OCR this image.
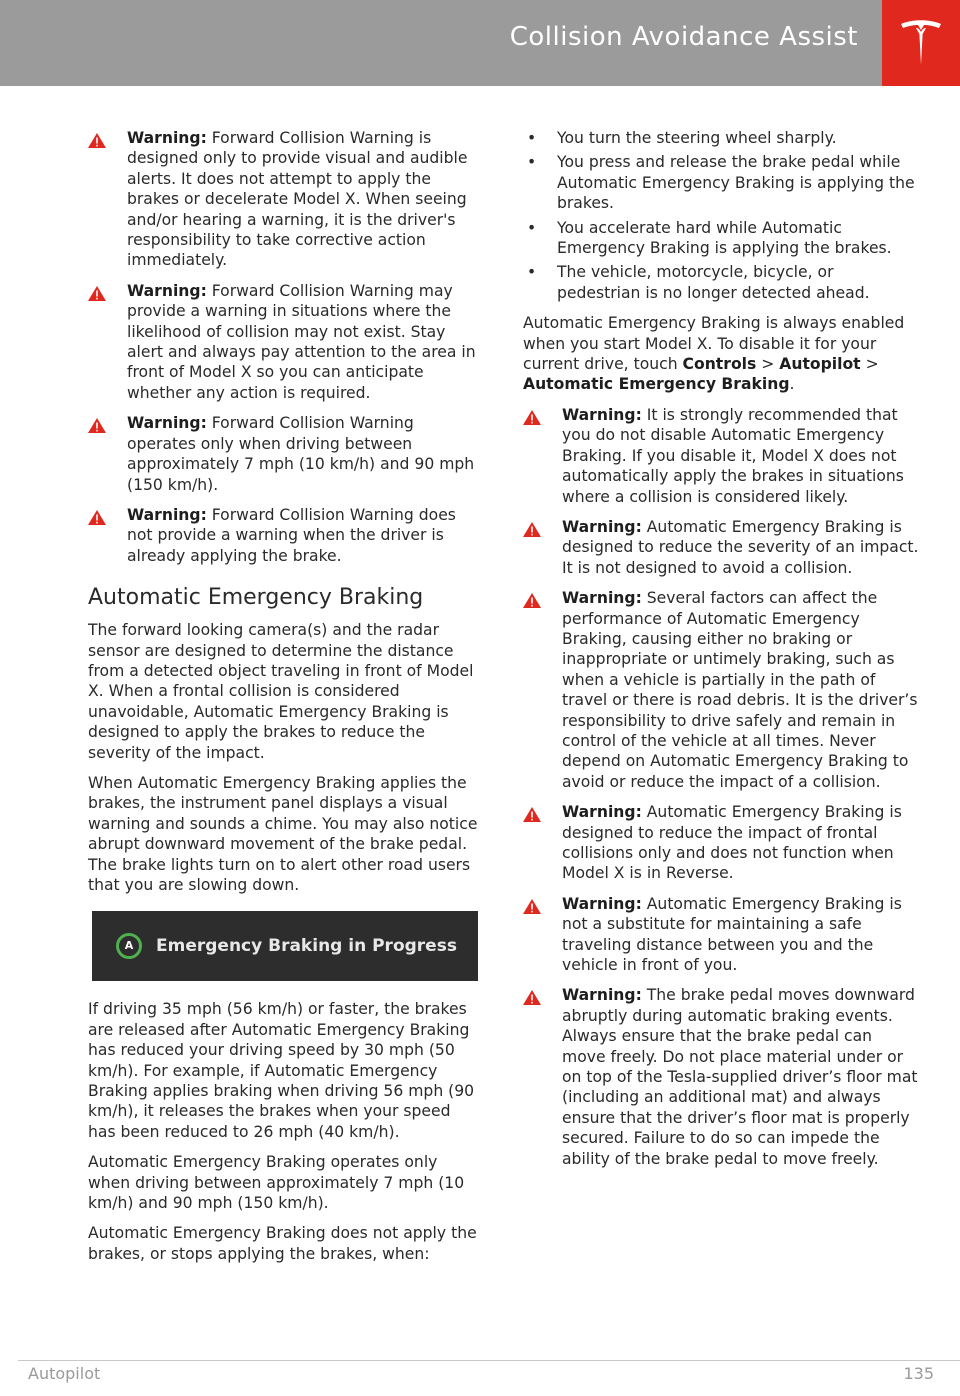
Collision Avoidance Assist
Warning: Forward Collision Warning is designed only to provide visual and audible alerts. It does not attempt to apply the brakes or decelerate Model X. When seeing and/or hearing a warning, it is the driver's responsibility to take corrective action immediately.
Warning: Forward Collision Warning may provide a warning in situations where the likelihood of collision may not exist. Stay alert and always pay attention to the area in front of Model X so you can anticipate whether any action is required.
Warning: Forward Collision Warning operates only when driving between approximately 7 mph (10 km/h) and 90 mph (150 km/h).
Warning: Forward Collision Warning does not provide a warning when the driver is already applying the brake.
Automatic Emergency Braking

The forward looking camera(s) and the radar sensor are designed to determine the distance from a detected object traveling in front of Model X. When a frontal collision is considered unavoidable, Automatic Emergency Braking is designed to apply the brakes to reduce the severity of the impact.

When Automatic Emergency Braking applies the brakes, the instrument panel displays a visual warning and sounds a chime. You may also notice abrupt downward movement of the brake pedal. The brake lights turn on to alert other road users that you are slowing down.

A Emergency Braking in Progress

If driving 35 mph (56 km/h) or faster, the brakes are released after Automatic Emergency Braking has reduced your driving speed by 30 mph (50 km/h). For example, if Automatic Emergency Braking applies braking when driving 56 mph (90 km/h), it releases the brakes when your speed has been reduced to 26 mph (40 km/h).

Automatic Emergency Braking operates only when driving between approximately 7 mph (10 km/h) and 90 mph (150 km/h).

Automatic Emergency Braking does not apply the brakes, or stops applying the brakes, when:

• You turn the steering wheel sharply.
• You press and release the brake pedal while Automatic Emergency Braking is applying the brakes.
• You accelerate hard while Automatic Emergency Braking is applying the brakes.
• The vehicle, motorcycle, bicycle, or pedestrian is no longer detected ahead.

Automatic Emergency Braking is always enabled when you start Model X. To disable it for your current drive, touch Controls > Autopilot > Automatic Emergency Braking.

Warning: It is strongly recommended that you do not disable Automatic Emergency Braking. If you disable it, Model X does not automatically apply the brakes in situations where a collision is considered likely.
Warning: Automatic Emergency Braking is designed to reduce the severity of an impact. It is not designed to avoid a collision.
Warning: Several factors can affect the performance of Automatic Emergency Braking, causing either no braking or inappropriate or untimely braking, such as when a vehicle is partially in the path of travel or there is road debris. It is the driver’s responsibility to drive safely and remain in control of the vehicle at all times. Never depend on Automatic Emergency Braking to avoid or reduce the impact of a collision.
Warning: Automatic Emergency Braking is designed to reduce the impact of frontal collisions only and does not function when Model X is in Reverse.
Warning: Automatic Emergency Braking is not a substitute for maintaining a safe traveling distance between you and the vehicle in front of you.
Warning: The brake pedal moves downward abruptly during automatic braking events. Always ensure that the brake pedal can move freely. Do not place material under or on top of the Tesla-supplied driver’s floor mat (including an additional mat) and always ensure that the driver’s floor mat is properly secured. Failure to do so can impede the ability of the brake pedal to move freely.
Autopilot	135
